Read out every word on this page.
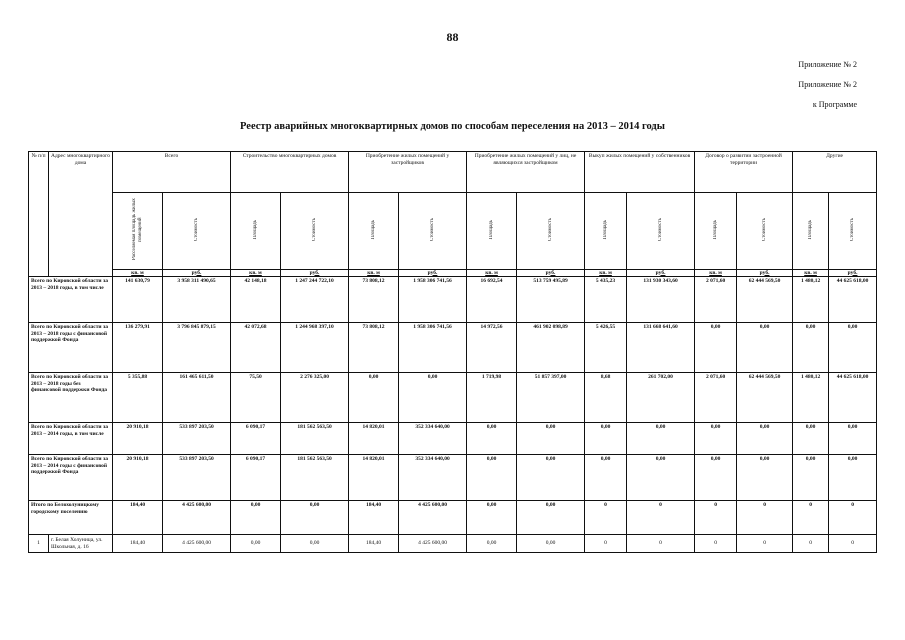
88
Приложение № 2
Приложение № 2
к Программе
Реестр аварийных многоквартирных домов по способам переселения на 2013 – 2014 годы
№ п/п	Адрес многоквартирного дома	Всего		Строительство многоквартирных домов		Приобретение жилых помещений у застройщиков		Приобретение жилых помещений у лиц, не являющихся застройщиком		Выкуп жилых помещений у собственников		Договор о развитии застроенной территории		Другие	
		Расселяемая площадь жилых помещений	Стоимость	Площадь	Стоимость	Площадь	Стоимость	Площадь	Стоимость	Площадь	Стоимость	Площадь	Стоимость	Площадь	Стоимость
		кв. м	руб.	кв. м	руб.	кв. м	руб.	кв. м	руб.	кв. м	руб.	кв. м	руб.	кв. м	руб.
Всего по Кировской области за 2013 – 2018 годы, в том числе		141 630,79	3 958 311 490,65	42 148,18	1 247 244 722,10	73 808,12	1 958 306 741,56	16 692,54	513 759 495,89	5 435,23	131 930 343,60	2 071,60	62 444 569,50	1 480,12	44 625 618,00
Всего по Кировской области за 2013 – 2018 годы с финансовой поддержкой Фонда		136 279,91	3 796 845 879,15	42 072,68	1 244 968 397,10	73 808,12	1 958 306 741,56	14 972,56	461 902 098,89	5 426,55	131 668 641,60	0,00	0,00	0,00	0,00
Всего по Кировской области за 2013 – 2018 годы без финансовой поддержки Фонда		5 355,88	161 465 611,50	75,50	2 276 325,00	0,00	0,00	1 719,98	51 857 397,00	8,68	261 702,00	2 071,60	62 444 569,50	1 480,12	44 625 618,00
Всего по Кировской области за 2013 – 2014 годы, в том числе		20 910,18	533 897 203,50	6 090,17	181 562 563,50	14 820,01	352 334 640,00	0,00	0,00	0,00	0,00	0,00	0,00	0,00	0,00
Всего по Кировской области за 2013 – 2014 годы с финансовой поддержкой Фонда		20 910,18	533 897 203,50	6 090,17	181 562 563,50	14 820,01	352 334 640,00	0,00	0,00	0,00	0,00	0,00	0,00	0,00	0,00
Итого по Белохолуницкому городскому поселению		184,40	4 425 600,00	0,00	0,00	184,40	4 425 600,00	0,00	0,00	0	0	0	0	0	0
1	г. Белая Холуница, ул. Школьная, д. 16	184,40	4 425 600,00	0,00	0,00	184,40	4 425 600,00	0,00	0,00	0	0	0	0	0	0
